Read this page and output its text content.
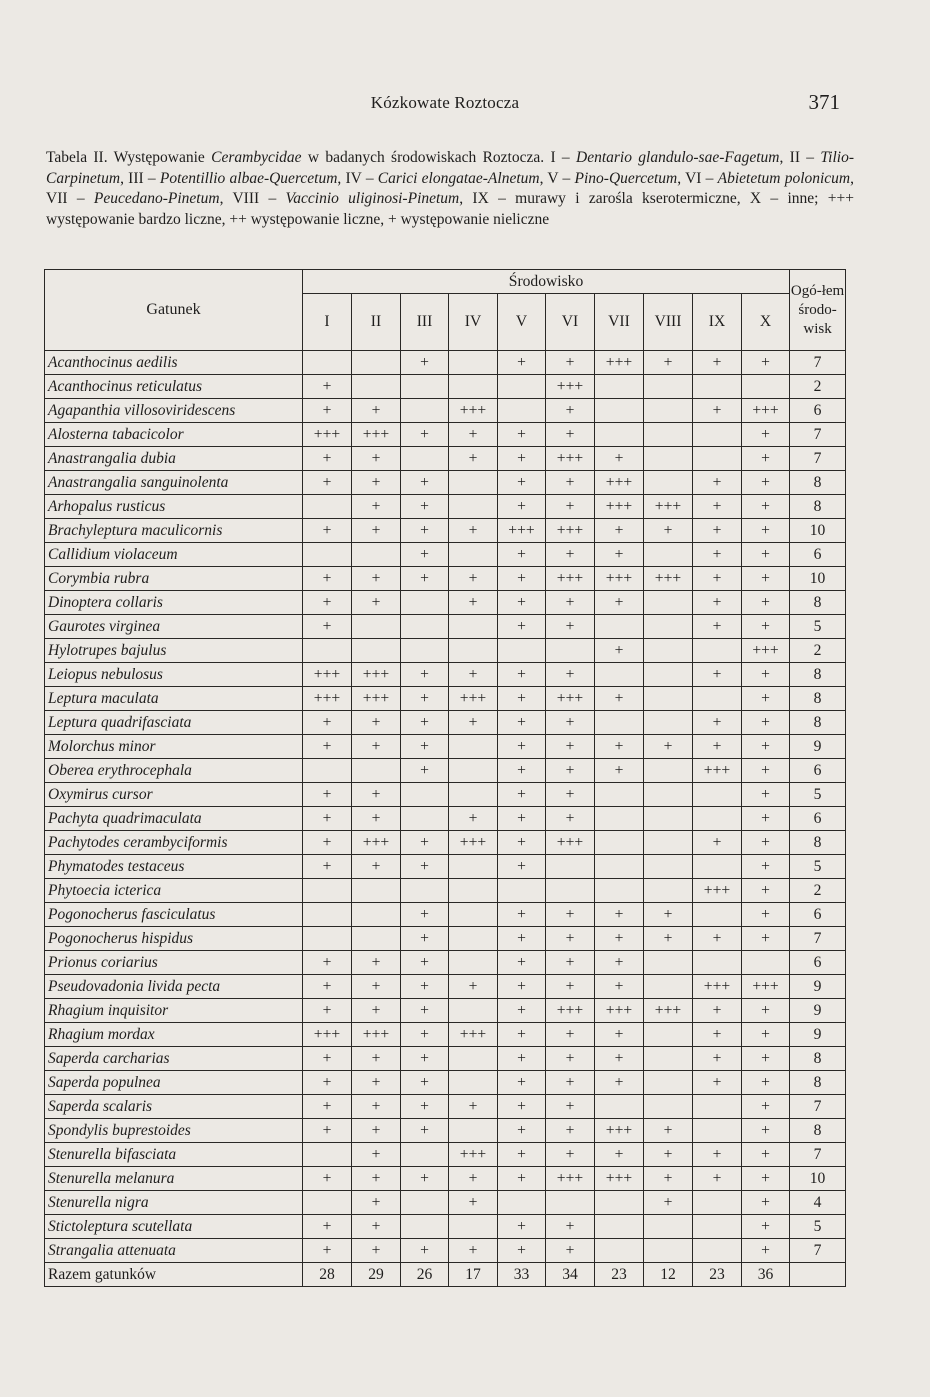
Kózkowate Roztocza	371
Tabela II. Występowanie Cerambycidae w badanych środowiskach Roztocza. I – Dentario glandulo-sae-Fagetum, II – Tilio-Carpinetum, III – Potentillio albae-Quercetum, IV – Carici elongatae-Alnetum, V – Pino-Quercetum, VI – Abietetum polonicum, VII – Peucedano-Pinetum, VIII – Vaccinio uliginosi-Pinetum, IX – murawy i zarośla kserotermiczne, X – inne; +++ występowanie bardzo liczne, ++ występowanie liczne, + występowanie nieliczne
Gatunek	Środowisko										Ogó-łem środo-wisk
	I	II	III	IV	V	VI	VII	VIII	IX	X	
Acanthocinus aedilis			+		+	+	+++	+	+	+	7
Acanthocinus reticulatus	+					+++					2
Agapanthia villosoviridescens	+	+		+++		+			+	+++	6
Alosterna tabacicolor	+++	+++	+	+	+	+				+	7
Anastrangalia dubia	+	+		+	+	+++	+			+	7
Anastrangalia sanguinolenta	+	+	+		+	+	+++		+	+	8
Arhopalus rusticus		+	+		+	+	+++	+++	+	+	8
Brachyleptura maculicornis	+	+	+	+	+++	+++	+	+	+	+	10
Callidium violaceum			+		+	+	+		+	+	6
Corymbia rubra	+	+	+	+	+	+++	+++	+++	+	+	10
Dinoptera collaris	+	+		+	+	+	+		+	+	8
Gaurotes virginea	+				+	+			+	+	5
Hylotrupes bajulus							+			+++	2
Leiopus nebulosus	+++	+++	+	+	+	+			+	+	8
Leptura maculata	+++	+++	+	+++	+	+++	+			+	8
Leptura quadrifasciata	+	+	+	+	+	+			+	+	8
Molorchus minor	+	+	+		+	+	+	+	+	+	9
Oberea erythrocephala			+		+	+	+		+++	+	6
Oxymirus cursor	+	+			+	+				+	5
Pachyta quadrimaculata	+	+		+	+	+				+	6
Pachytodes cerambyciformis	+	+++	+	+++	+	+++			+	+	8
Phymatodes testaceus	+	+	+		+					+	5
Phytoecia icterica									+++	+	2
Pogonocherus fasciculatus			+		+	+	+	+		+	6
Pogonocherus hispidus			+		+	+	+	+	+	+	7
Prionus coriarius	+	+	+		+	+	+				6
Pseudovadonia livida pecta	+	+	+	+	+	+	+		+++	+++	9
Rhagium inquisitor	+	+	+		+	+++	+++	+++	+	+	9
Rhagium mordax	+++	+++	+	+++	+	+	+		+	+	9
Saperda carcharias	+	+	+		+	+	+		+	+	8
Saperda populnea	+	+	+		+	+	+		+	+	8
Saperda scalaris	+	+	+	+	+	+				+	7
Spondylis buprestoides	+	+	+		+	+	+++	+		+	8
Stenurella bifasciata		+		+++	+	+	+	+	+	+	7
Stenurella melanura	+	+	+	+	+	+++	+++	+	+	+	10
Stenurella nigra		+		+				+		+	4
Stictoleptura scutellata	+	+			+	+				+	5
Strangalia attenuata	+	+	+	+	+	+				+	7
Razem gatunków	28	29	26	17	33	34	23	12	23	36	
